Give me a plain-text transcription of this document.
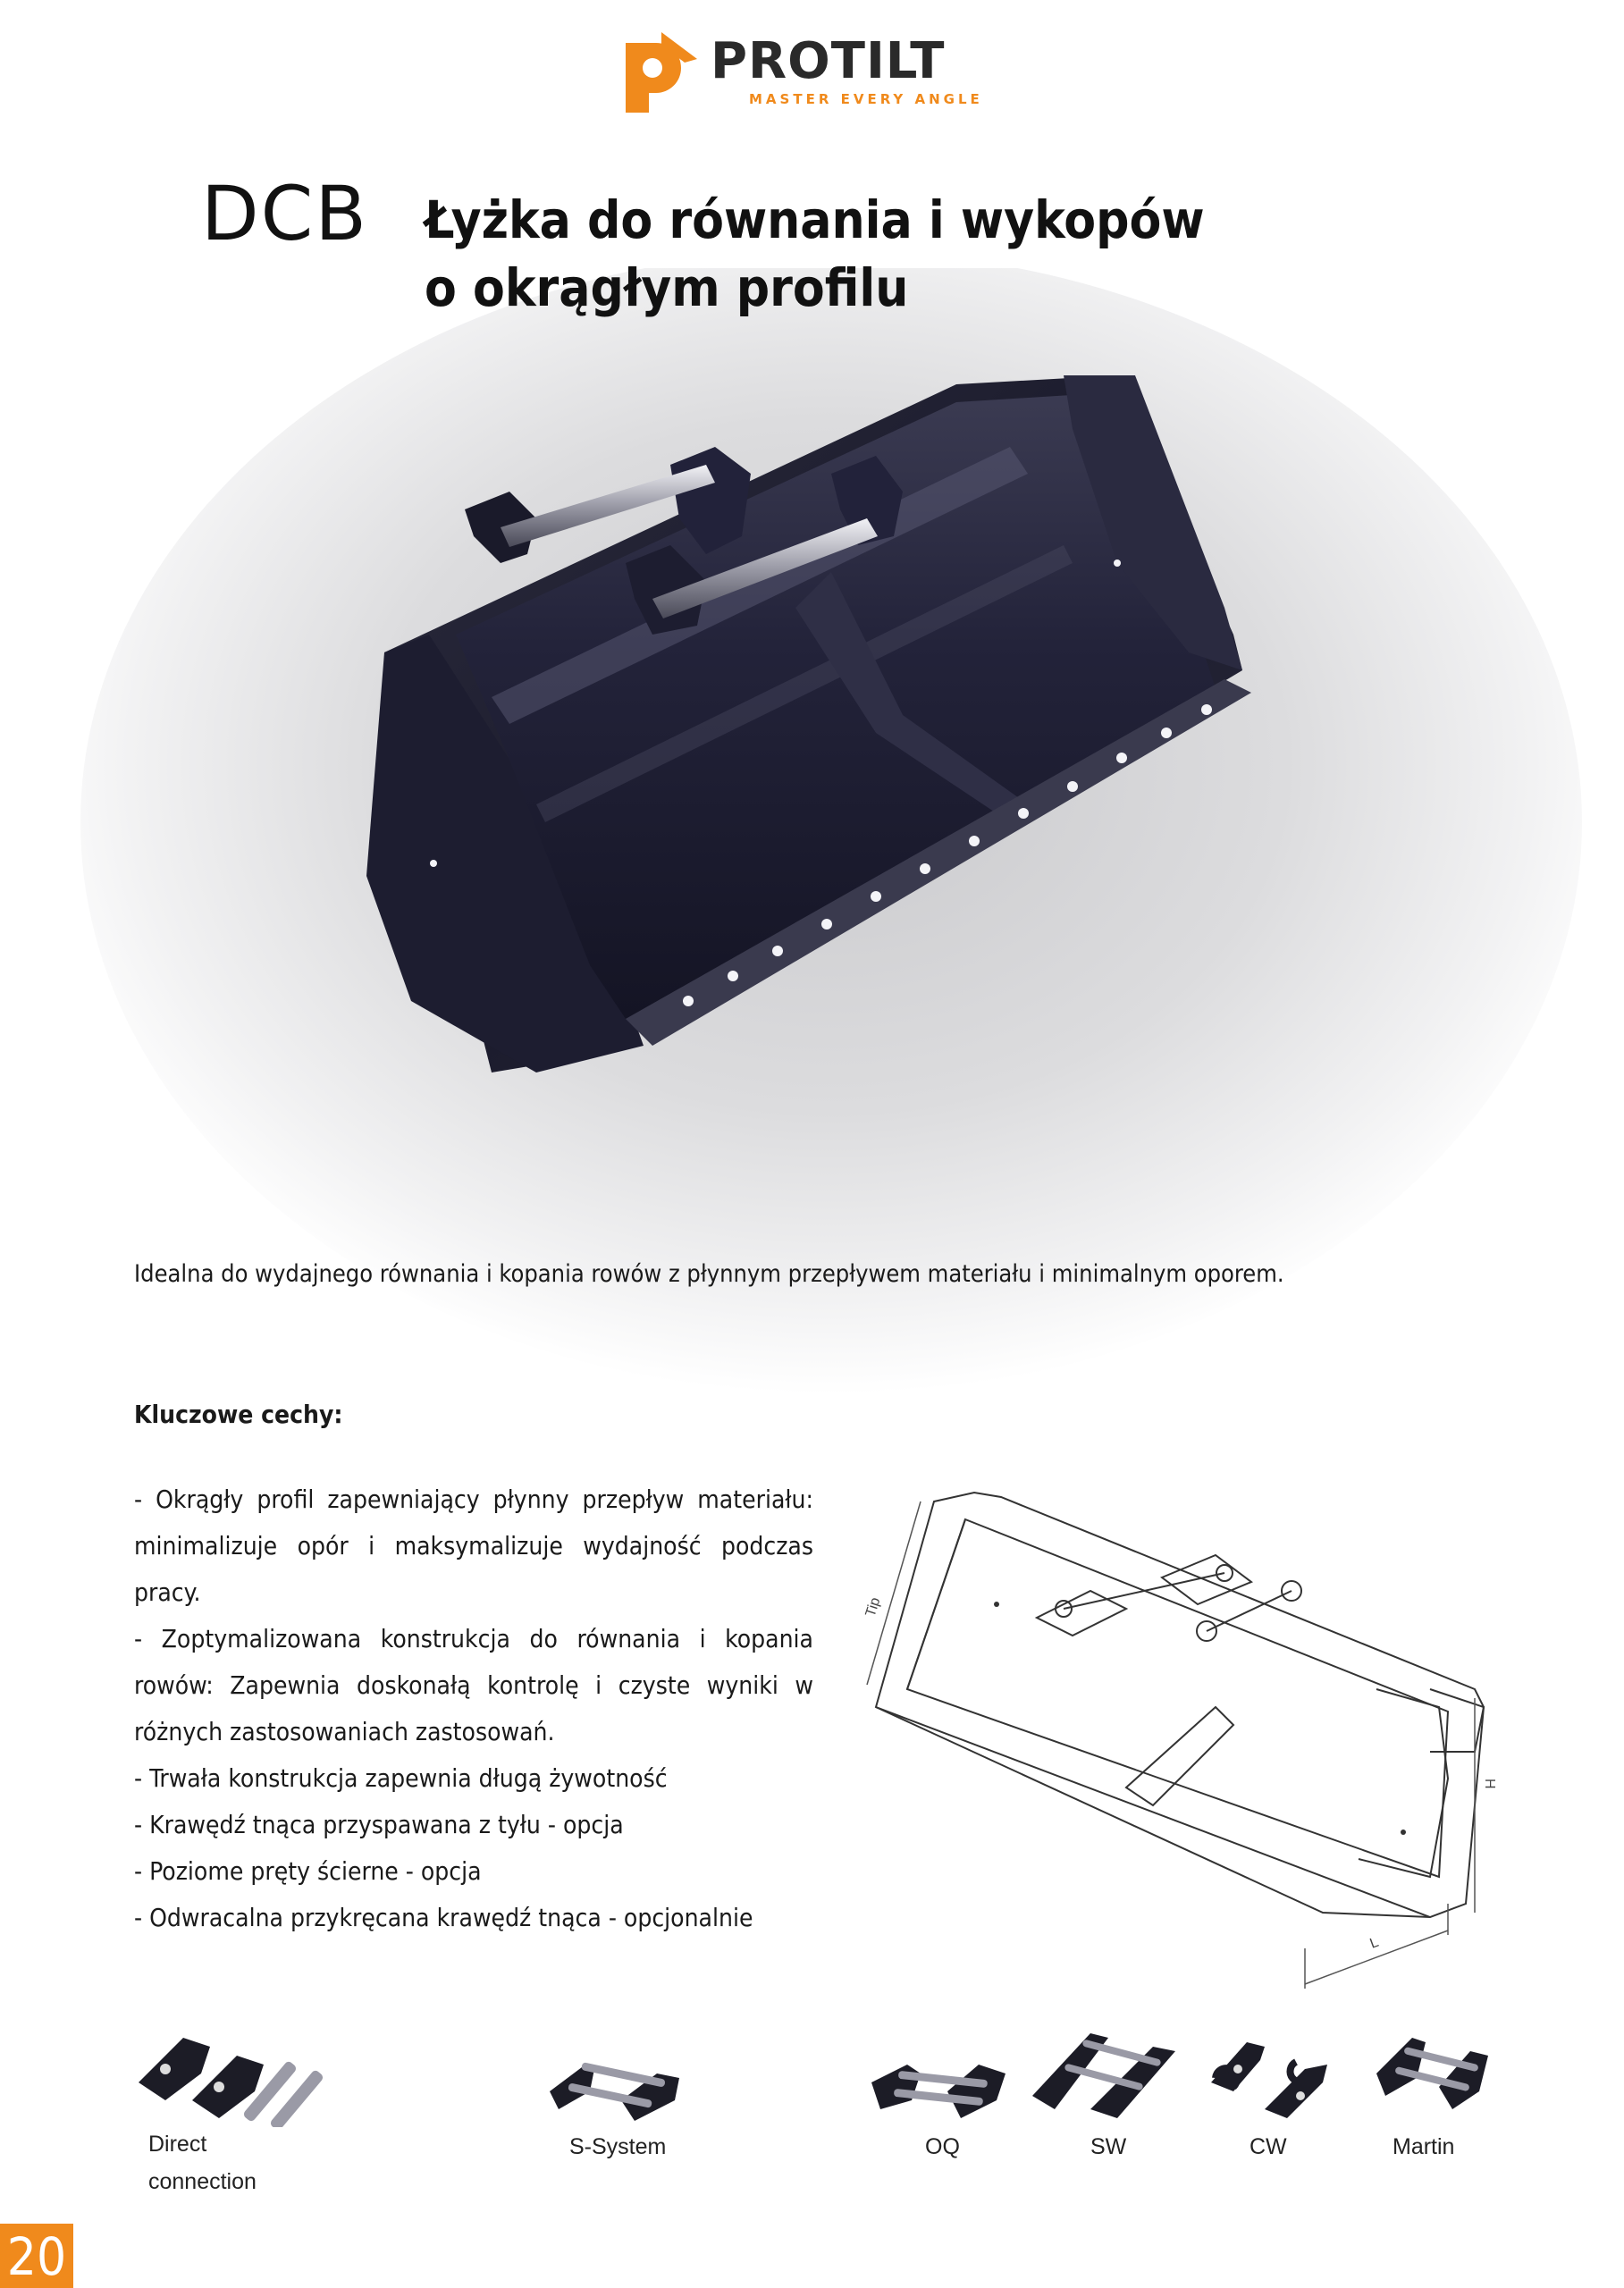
PROTILT
MASTER EVERY ANGLE
DCB Łyżka do równania i wykopów
o okrągłym profilu
Idealna do wydajnego równania i kopania rowów z płynnym przepływem materiału i minimalnym oporem.
Kluczowe cechy:

- Okrągły profil zapewniający płynny przepływ materiału: minimalizuje opór i maksymalizuje wydajność podczas pracy.

- Zoptymalizowana konstrukcja do równania i kopania rowów: Zapewnia doskonałą kontrolę i czyste wyniki w różnych zastosowaniach zastosowań.

- Trwała konstrukcja zapewnia długą żywotność

- Krawędź tnąca przyspawana z tyłu - opcja

- Poziome pręty ścierne - opcja

- Odwracalna przykręcana krawędź tnąca - opcjonalnie

Tip
H
L
Direct
connection
S-System	OQ	SW	CW	Martin
20
